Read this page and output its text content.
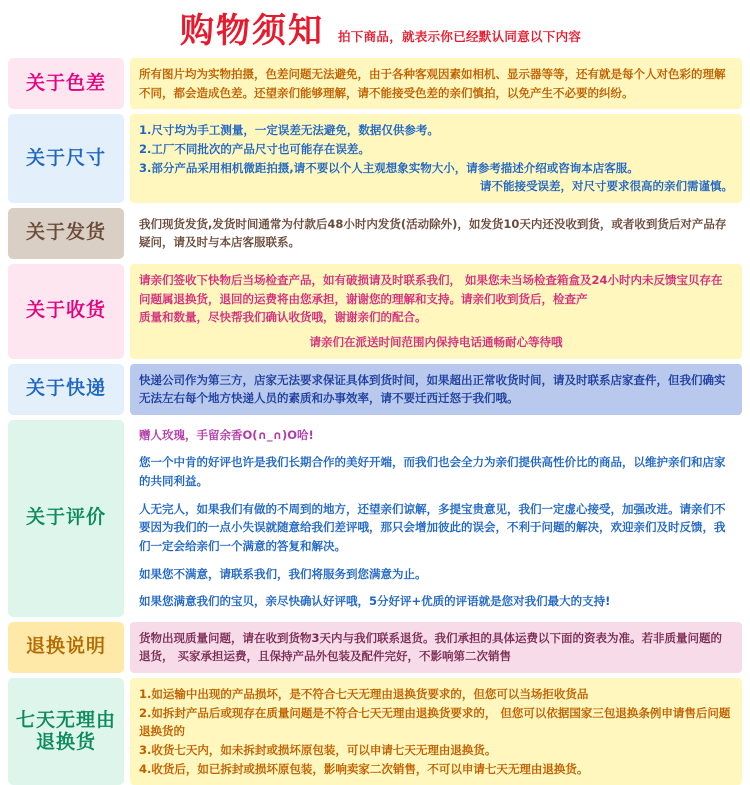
购物须知 拍下商品，就表示你已经默认同意以下内容
关于色差	所有图片均为实物拍摄，色差问题无法避免，由于各种客观因素如相机、显示器等等，还有就是每个人对色彩的理解不同，都会造成色差。还望亲们能够理解，请不能接受色差的亲们慎拍，以免产生不必要的纠纷。

关于尺寸

1.尺寸均为手工测量，一定误差无法避免，数据仅供参考。

2.工厂不同批次的产品尺寸也可能存在误差。

3.部分产品采用相机微距拍摄,请不要以个人主观想象实物大小，请参考描述介绍或咨询本店客服。

请不能接受误差，对尺寸要求很高的亲们需谨慎。

关于发货	我们现货发货,发货时间通常为付款后48小时内发货(活动除外)，如发货10天内还没收到货，或者收到货后对产品存

疑问，请及时与本店客服联系。

关于收货

请亲们签收下快物后当场检查产品，如有破损请及时联系我们， 如果您未当场检查箱盒及24小时内未反馈宝贝存在问题属退换货，退回的运费将由您承担，谢谢您的理解和支持。请亲们收到货后，检查产

质量和数量，尽快帮我们确认收货哦，谢谢亲们的配合。

请亲们在派送时间范围内保持电话通畅耐心等待哦

关于快递	快递公司作为第三方，店家无法要求保证具体到货时间，如果超出正常收货时间，请及时联系店家查件，但我们确实无法左右每个地方快递人员的素质和办事效率，请不要迁西迁怒于我们哦。

关于评价

赠人玫瑰，手留余香O(∩_∩)O哈!

您一个中肯的好评也许是我们长期合作的美好开端，而我们也会全力为亲们提供高性价比的商品，以维护亲们和店家的共同利益。

人无完人，如果我们有做的不周到的地方，还望亲们谅解，多提宝贵意见，我们一定虚心接受，加强改进。请亲们不要因为我们的一点小失误就随意给我们差评哦，那只会增加彼此的误会，不利于问题的解决，欢迎亲们及时反馈，我们一定会给亲们一个满意的答复和解决。

如果您不满意，请联系我们，我们将服务到您满意为止。

如果您满意我们的宝贝，亲尽快确认好评哦，5分好评+优质的评语就是您对我们最大的支持!

退换说明	货物出现质量问题，请在收到货物3天内与我们联系退货。我们承担的具体运费以下面的资表为准。若非质量问题的

退货， 买家承担运费，且保持产品外包装及配件完好，不影响第二次销售

七天无理由退换货

1.如运输中出现的产品损坏，是不符合七天无理由退换货要求的，但您可以当场拒收货品

2.如拆封产品后或现存在质量问题是不符合七天无理由退换货要求的， 但您可以依据国家三包退换条例申请售后问题退换货的

3.收货七天内，如未拆封或损坏原包装，可以申请七天无理由退换货。

4.收货后，如已拆封或损坏原包装，影响卖家二次销售，不可以申请七天无理由退换货。
